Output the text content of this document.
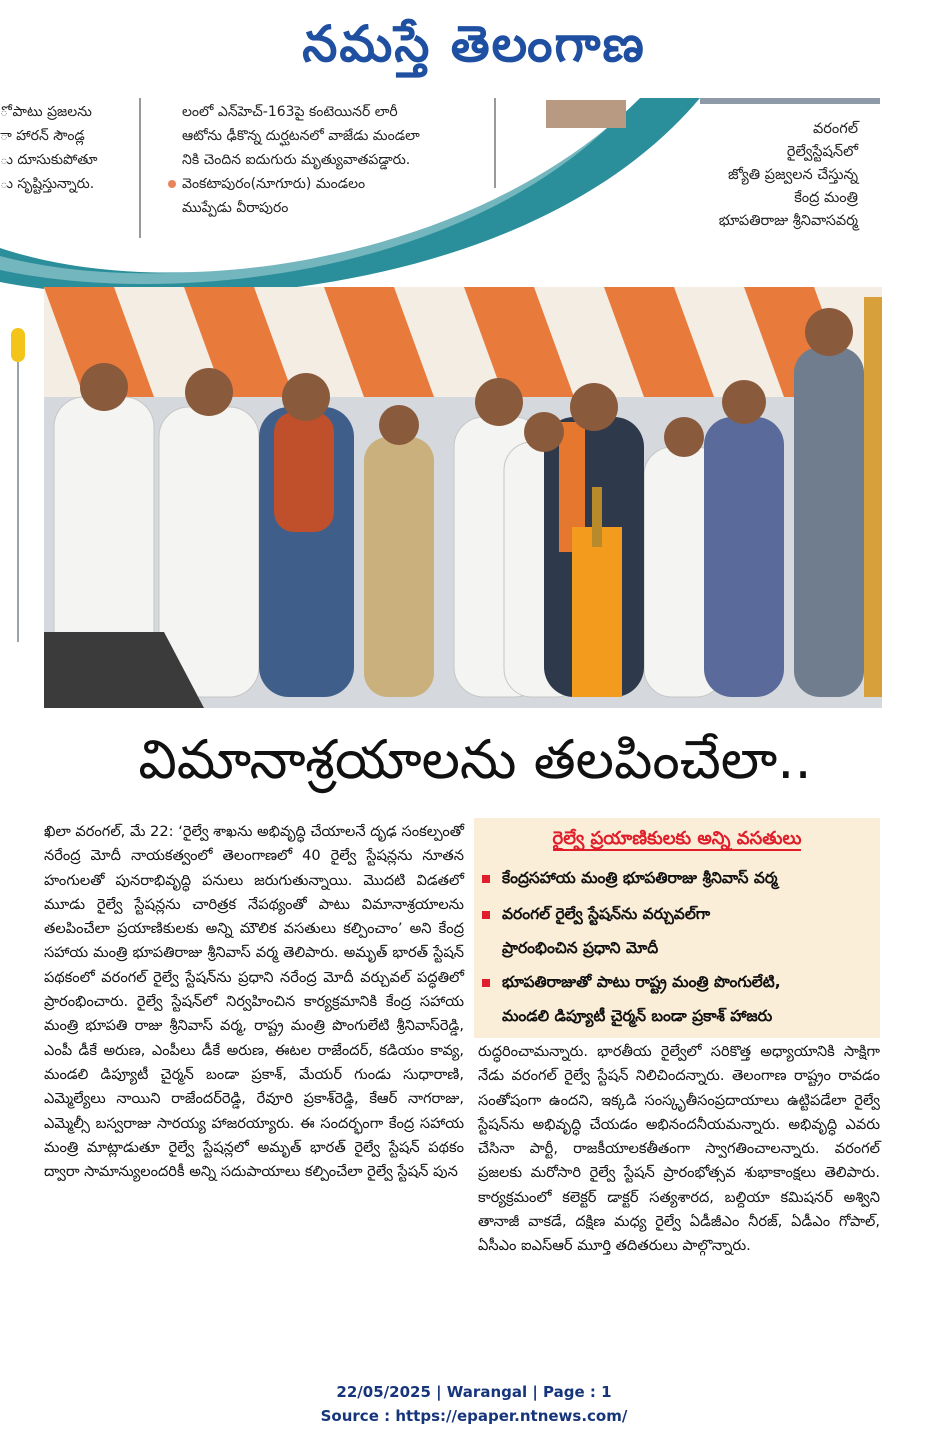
నమస్తే తెలంగాణ
ో పాటు ప్రజలను
ా హారన్ సౌండ్ల
ు దూసుకుపోతూ
ు సృష్టిస్తున్నారు.
లంలో ఎన్‌హెచ్-163పై కంటెయినర్ లారీ
ఆటోను ఢీకొన్న దుర్ఘటనలో వాజేడు మండలా
నికి చెందిన ఐదుగురు మృత్యువాతపడ్డారు.
వెంకటాపురం(నూగూరు) మండలం
ముప్పేడు వీరాపురం
వరంగల్
రైల్వేస్టేషన్‌లో
జ్యోతి ప్రజ్వలన చేస్తున్న
కేంద్ర మంత్రి
భూపతిరాజు శ్రీనివాసవర్మ
విమానాశ్రయాలను తలపించేలా..

ఖిలా వరంగల్, మే 22: ‘రైల్వే శాఖను అభివృద్ధి చేయాలనే దృఢ సంకల్పంతో నరేంద్ర మోదీ నాయకత్వంలో తెలంగాణలో 40 రైల్వే స్టేషన్లను నూతన హంగులతో పునరాభివృద్ధి పనులు జరుగుతున్నాయి. మొదటి విడతలో మూడు రైల్వే స్టేషన్లను చారిత్రక నేపథ్యంతో పాటు విమానాశ్రయాలను తలపించేలా ప్రయాణికులకు అన్ని మౌలిక వసతులు కల్పించాం’ అని కేంద్ర సహాయ మంత్రి భూపతిరాజు శ్రీనివాస్ వర్మ తెలిపారు. అమృత్ భారత్ స్టేషన్ పథకంలో వరంగల్ రైల్వే స్టేషన్‌ను ప్రధాని నరేంద్ర మోదీ వర్చువల్ పద్ధతిలో ప్రారంభించారు. రైల్వే స్టేషన్‌లో నిర్వహించిన కార్యక్రమానికి కేంద్ర సహాయ మంత్రి భూపతి రాజు శ్రీనివాస్ వర్మ, రాష్ట్ర మంత్రి పొంగులేటి శ్రీనివాస్‌రెడ్డి, ఎంపీ డీకే అరుణ, ఎంపీలు డీకే అరుణ, ఈటల రాజేందర్, కడియం కావ్య, మండలి డిప్యూటీ చైర్మన్ బండా ప్రకాశ్, మేయర్ గుండు సుధారాణి, ఎమ్మెల్యేలు నాయిని రాజేందర్‌రెడ్డి, రేవూరి ప్రకాశ్‌రెడ్డి, కేఆర్ నాగరాజు, ఎమ్మెల్సీ బస్వరాజు సారయ్య హాజరయ్యారు. ఈ సందర్భంగా కేంద్ర సహాయ మంత్రి మాట్లాడుతూ రైల్వే స్టేషన్లలో అమృత్ భారత్ రైల్వే స్టేషన్ పథకం ద్వారా సామాన్యులందరికీ అన్ని సదుపాయాలు కల్పించేలా రైల్వే స్టేషన్ పున

రైల్వే ప్రయాణికులకు అన్ని వసతులు
కేంద్రసహాయ మంత్రి భూపతిరాజు శ్రీనివాస్ వర్మ
వరంగల్ రైల్వే స్టేషన్‌ను వర్చువల్‌గా
ప్రారంభించిన ప్రధాని మోదీ
భూపతిరాజుతో పాటు రాష్ట్ర మంత్రి పొంగులేటి,
మండలి డిప్యూటీ చైర్మన్ బండా ప్రకాశ్ హాజరు

రుద్ధరించామన్నారు. భారతీయ రైల్వేలో సరికొత్త అధ్యాయానికి సాక్షిగా నేడు వరంగల్ రైల్వే స్టేషన్ నిలిచిందన్నారు. తెలంగాణ రాష్ట్రం రావడం సంతోషంగా ఉందని, ఇక్కడి సంస్కృతీసంప్రదాయాలు ఉట్టిపడేలా రైల్వే స్టేషన్‌ను అభివృద్ధి చేయడం అభినందనీయమన్నారు. అభివృద్ధి ఎవరు చేసినా పార్టీ, రాజకీయాలకతీతంగా స్వాగతించాలన్నారు. వరంగల్ ప్రజలకు మరోసారి రైల్వే స్టేషన్ ప్రారంభోత్సవ శుభాకాంక్షలు తెలిపారు. కార్యక్రమంలో కలెక్టర్ డాక్టర్ సత్యశారద, బల్దియా కమిషనర్ అశ్విని తానాజీ వాకడే, దక్షిణ మధ్య రైల్వే ఏడీజీఎం నీరజ్, ఏడీఎం గోపాల్, ఏసీఎం ఐఎస్ఆర్ మూర్తి తదితరులు పాల్గొన్నారు.

22/05/2025 | Warangal | Page : 1
Source : https://epaper.ntnews.com/
